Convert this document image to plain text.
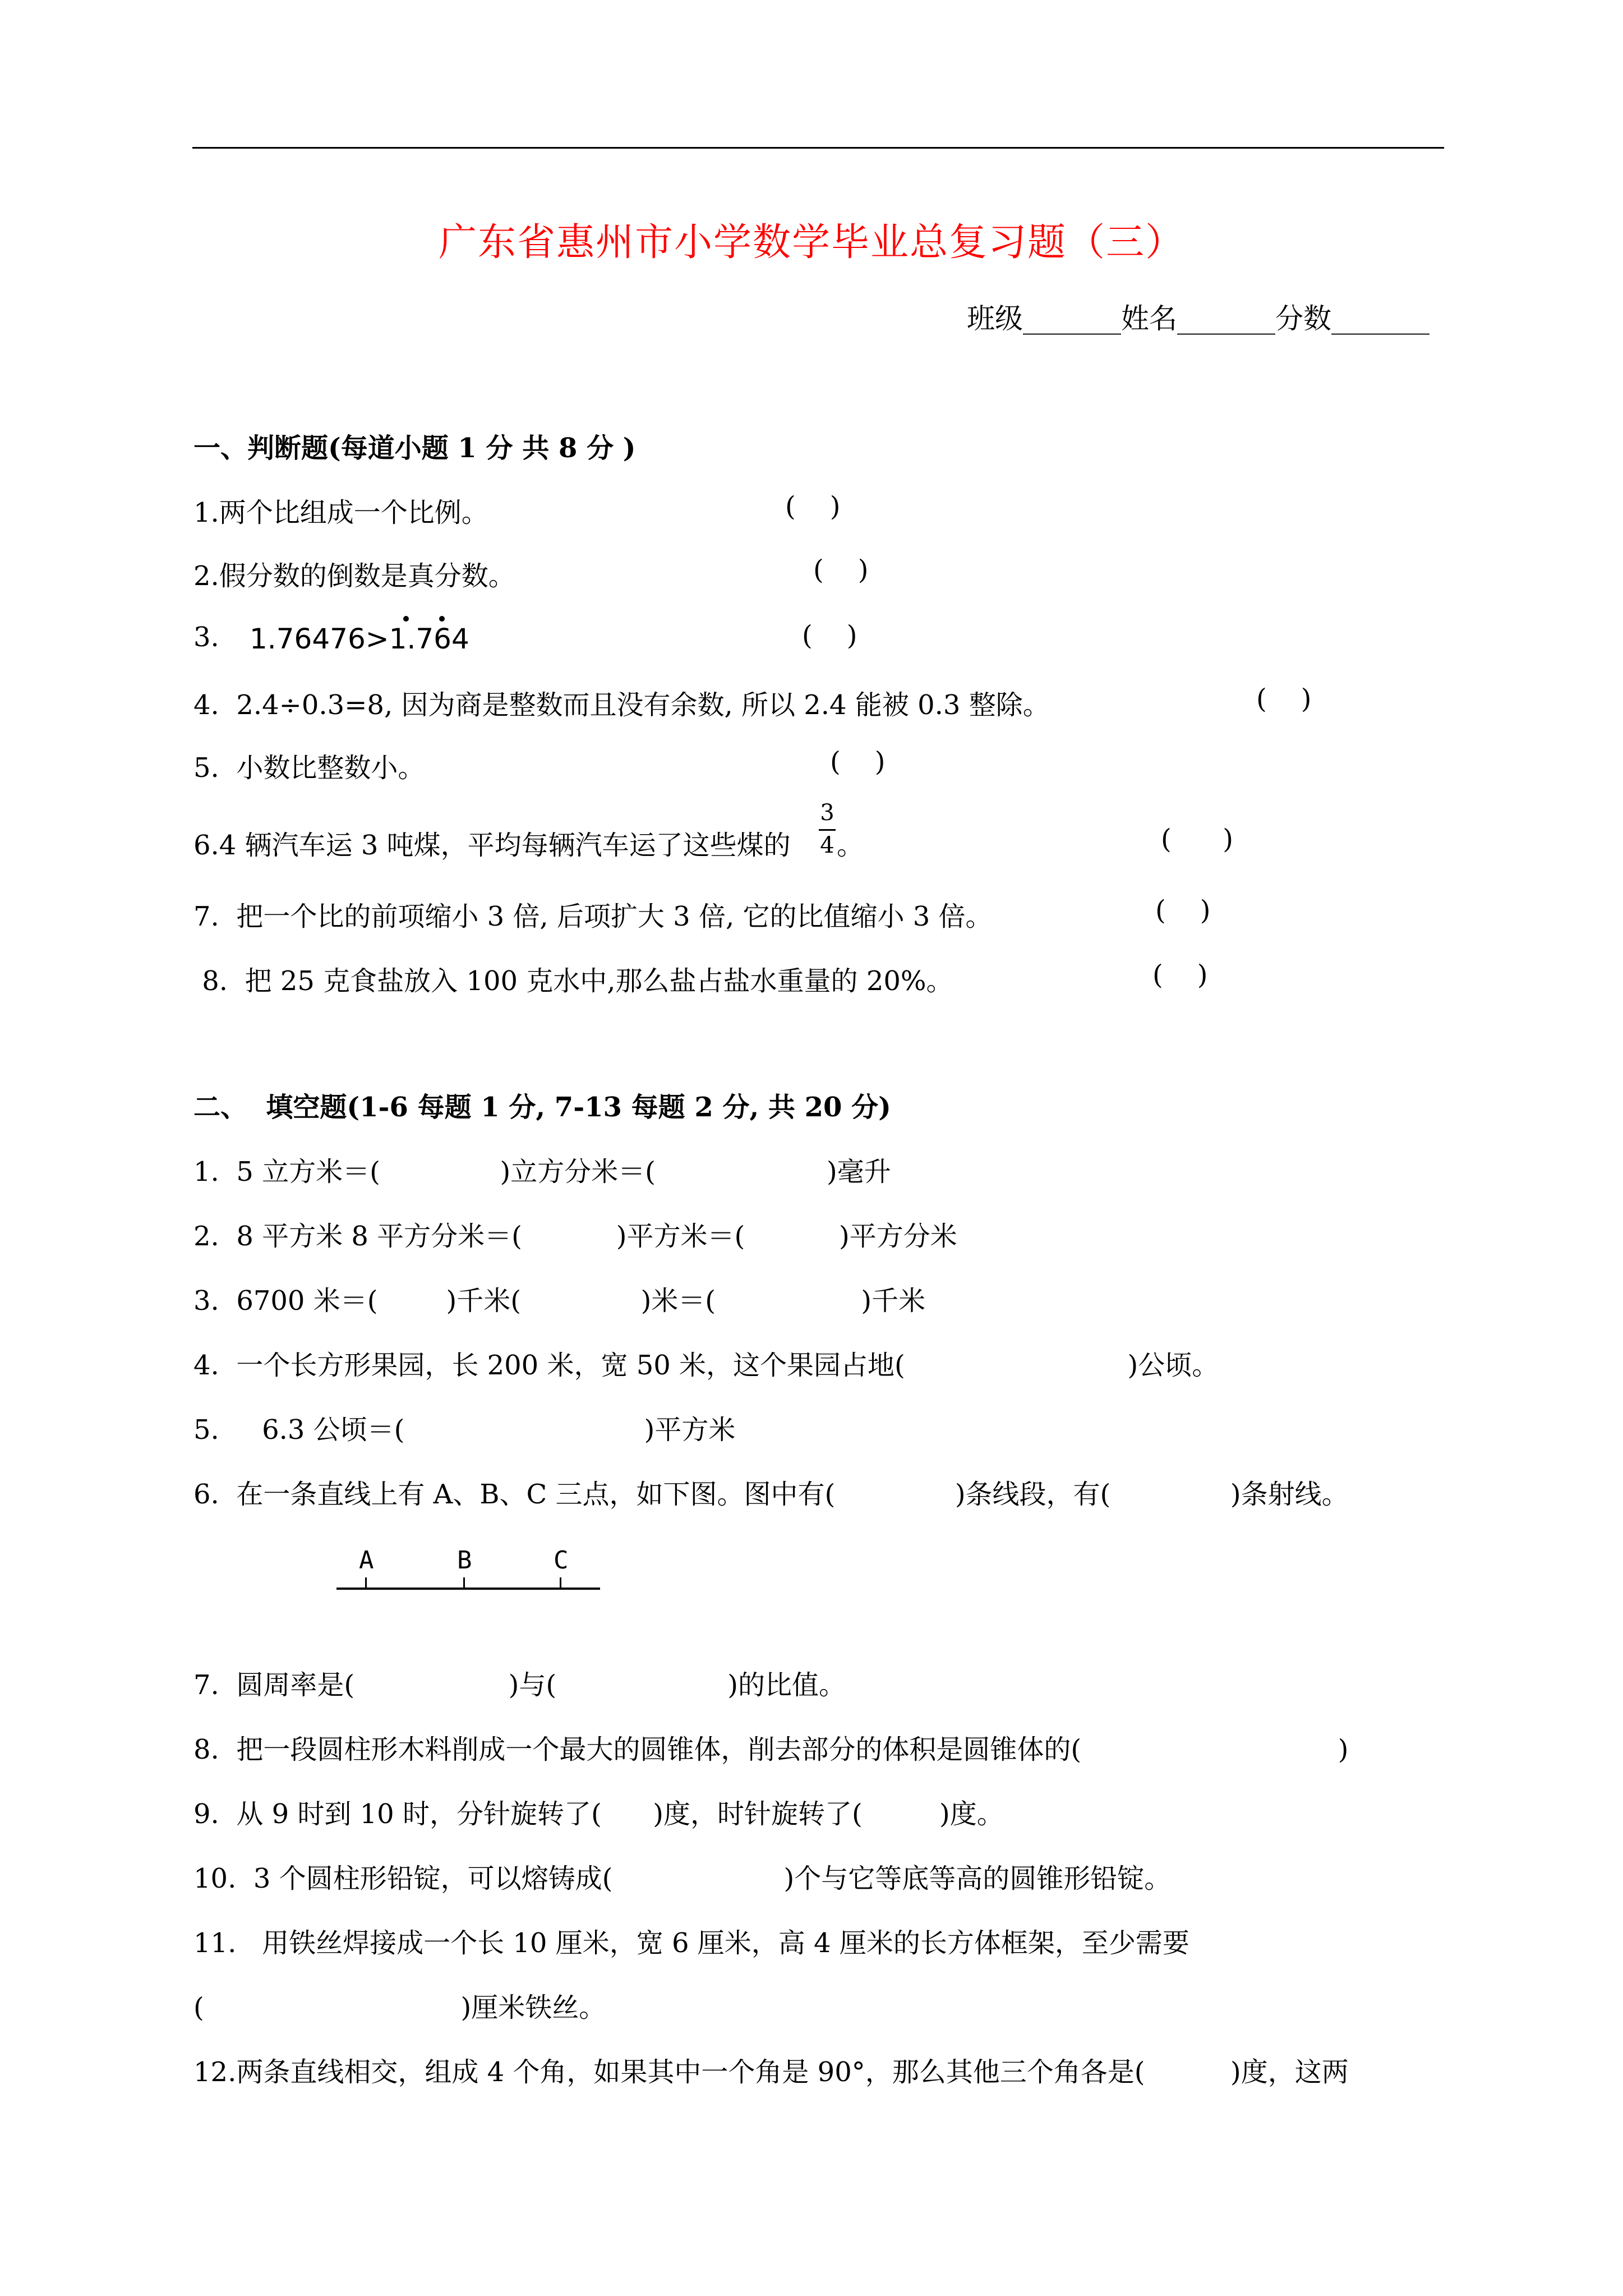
广东省惠州市小学数学毕业总复习题（三）
班级_______姓名_______分数_______
一、判断题(每道小题 1 分 共 8 分 )
1.两个比组成一个比例。	(    )
2.假分数的倒数是真分数。	(    )
3. 1.76476>1.764	(    )
4.  2.4÷0.3=8, 因为商是整数而且没有余数, 所以 2.4 能被 0.3 整除。	(    )
5.  小数比整数小。	(    )
6.4 辆汽车运 3 吨煤，平均每辆汽车运了这些煤的
3
4 。	(      )
7.  把一个比的前项缩小 3 倍, 后项扩大 3 倍, 它的比值缩小 3 倍。	(    )
8.  把 25 克食盐放入 100 克水中,那么盐占盐水重量的 20%。	(    )
二、  填空题(1-6 每题 1 分, 7-13 每题 2 分, 共 20 分)
1.  5 立方米＝(              )立方分米＝(                    )毫升
2.  8 平方米 8 平方分米＝(           )平方米＝(           )平方分米
3.  6700 米＝(        )千米(              )米＝(                 )千米
4.  一个长方形果园，长 200 米，宽 50 米，这个果园占地(                          )公顷。
5.     6.3 公顷＝(                            )平方米
6.  在一条直线上有 A、B、C 三点，如下图。图中有(              )条线段，有(              )条射线。
A	B	C
7.  圆周率是(                  )与(                    )的比值。
8.  把一段圆柱形木料削成一个最大的圆锥体，削去部分的体积是圆锥体的(                              )
9.  从 9 时到 10 时，分针旋转了(      )度，时针旋转了(         )度。
10.  3 个圆柱形铅锭，可以熔铸成(                    )个与它等底等高的圆锥形铅锭。
11.   用铁丝焊接成一个长 10 厘米，宽 6 厘米，高 4 厘米的长方体框架，至少需要
(                              )厘米铁丝。
12.两条直线相交，组成 4 个角，如果其中一个角是 90°，那么其他三个角各是(          )度，这两
